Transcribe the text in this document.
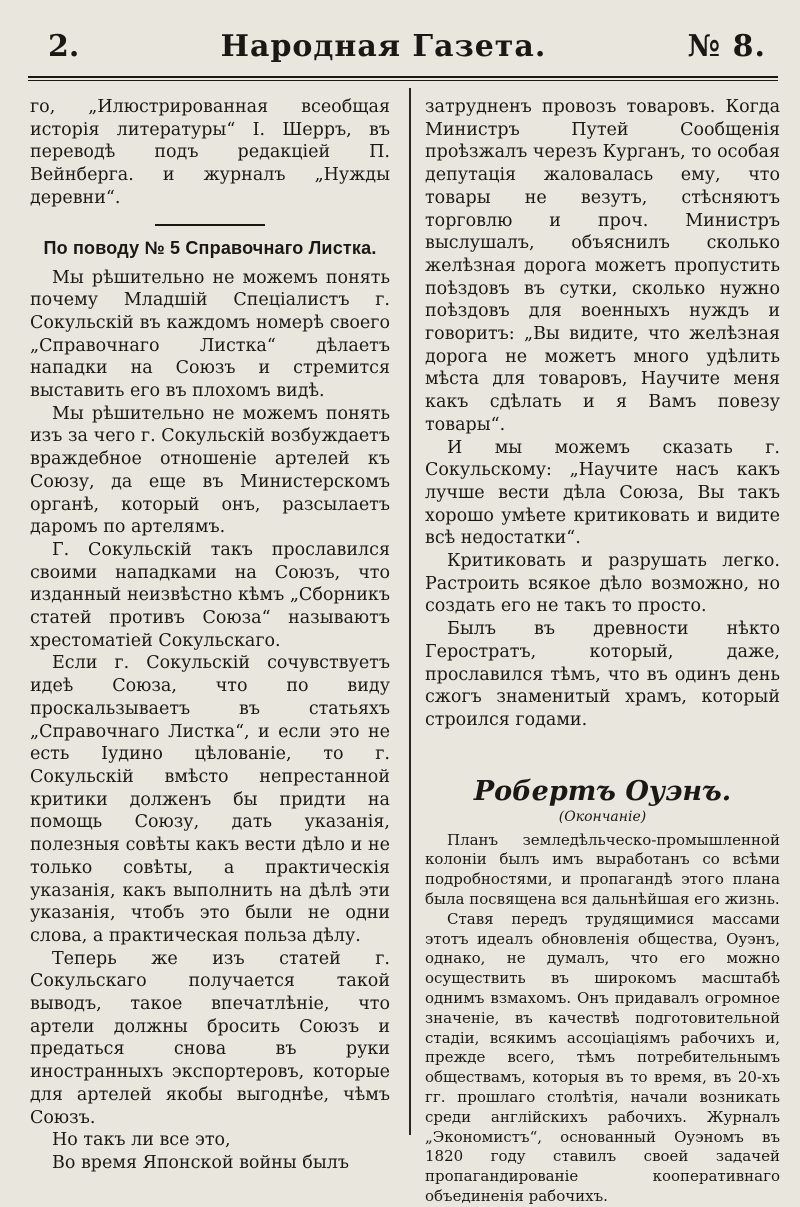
2.	Народная Газета.	№ 8.

го, „Илюстрированная всеобщая исторія литературы“ І. Шерръ, въ переводѣ подъ редакціей П. Вейнберга. и журналъ „Нужды деревни“.

По поводу № 5 Справочнаго Листка.

Мы рѣшительно не можемъ понять почему Младшій Спеціалистъ г. Сокульскій въ каждомъ номерѣ своего „Справочнаго Листка“ дѣлаетъ нападки на Союзъ и стремится выставить его въ плохомъ видѣ.

Мы рѣшительно не можемъ понять изъ за чего г. Сокульскій возбуждаетъ враждебное отношеніе артелей къ Союзу, да еще въ Министерскомъ органѣ, который онъ, разсылаетъ даромъ по артелямъ.

Г. Сокульскій такъ прославился своими нападками на Союзъ, что изданный неизвѣстно кѣмъ „Сборникъ статей противъ Союза“ называютъ хрестоматіей Сокульскаго.

Если г. Сокульскій сочувствуетъ идеѣ Союза, что по виду проскальзываетъ въ статьяхъ „Справочнаго Листка“, и если это не есть Іудино цѣлованіе, то г. Сокульскій вмѣсто непрестанной критики долженъ бы придти на помощь Союзу, дать указанія, полезныя совѣты какъ вести дѣло и не только совѣты, а практическія указанія, какъ выполнить на дѣлѣ эти указанія, чтобъ это были не одни слова, а практическая польза дѣлу.

Теперь же изъ статей г. Сокульскаго получается такой выводъ, такое впечатлѣніе, что артели должны бросить Союзъ и предаться снова въ руки иностранныхъ экспортеровъ, которые для артелей якобы выгоднѣе, чѣмъ Союзъ.

Но такъ ли все это,

Во время Японской войны былъ

затрудненъ провозъ товаровъ. Когда Министръ Путей Сообщенія проѣзжалъ черезъ Курганъ, то особая депутація жаловалась ему, что товары не везутъ, стѣсняютъ торговлю и проч. Министръ выслушалъ, объяснилъ сколько желѣзная дорога можетъ пропустить поѣздовъ въ сутки, сколько нужно поѣздовъ для военныхъ нуждъ и говоритъ: „Вы видите, что желѣзная дорога не можетъ много удѣлить мѣста для товаровъ, Научите меня какъ сдѣлать и я Вамъ повезу товары“.

И мы можемъ сказать г. Сокульскому: „Научите насъ какъ лучше вести дѣла Союза, Вы такъ хорошо умѣете критиковать и видите всѣ недостатки“.

Критиковать и разрушать легко. Растроить всякое дѣло возможно, но создать его не такъ то просто.

Былъ въ древности нѣкто Геростратъ, который, даже, прославился тѣмъ, что въ одинъ день сжогъ знаменитый храмъ, который строился годами.

Робертъ Оуэнъ.
(Окончаніе)

Планъ земледѣльческо-промышленной колоніи былъ имъ выработанъ со всѣми подробностями, и пропагандѣ этого плана была посвящена вся дальнѣйшая его жизнь.

Ставя передъ трудящимися массами этотъ идеалъ обновленія общества, Оуэнъ, однако, не думалъ, что его можно осуществить въ широкомъ масштабѣ однимъ взмахомъ. Онъ придавалъ огромное значеніе, въ качествѣ подготовительной стадіи, всякимъ ассоціаціямъ рабочихъ и, прежде всего, тѣмъ потребительнымъ обществамъ, которыя въ то время, въ 20-хъ гг. прошлаго столѣтія, начали возникать среди англійскихъ рабочихъ. Журналъ „Экономистъ“, основанный Оуэномъ въ 1820 году ставилъ своей задачей пропагандированіе кооперативнаго объединенія рабочихъ.
